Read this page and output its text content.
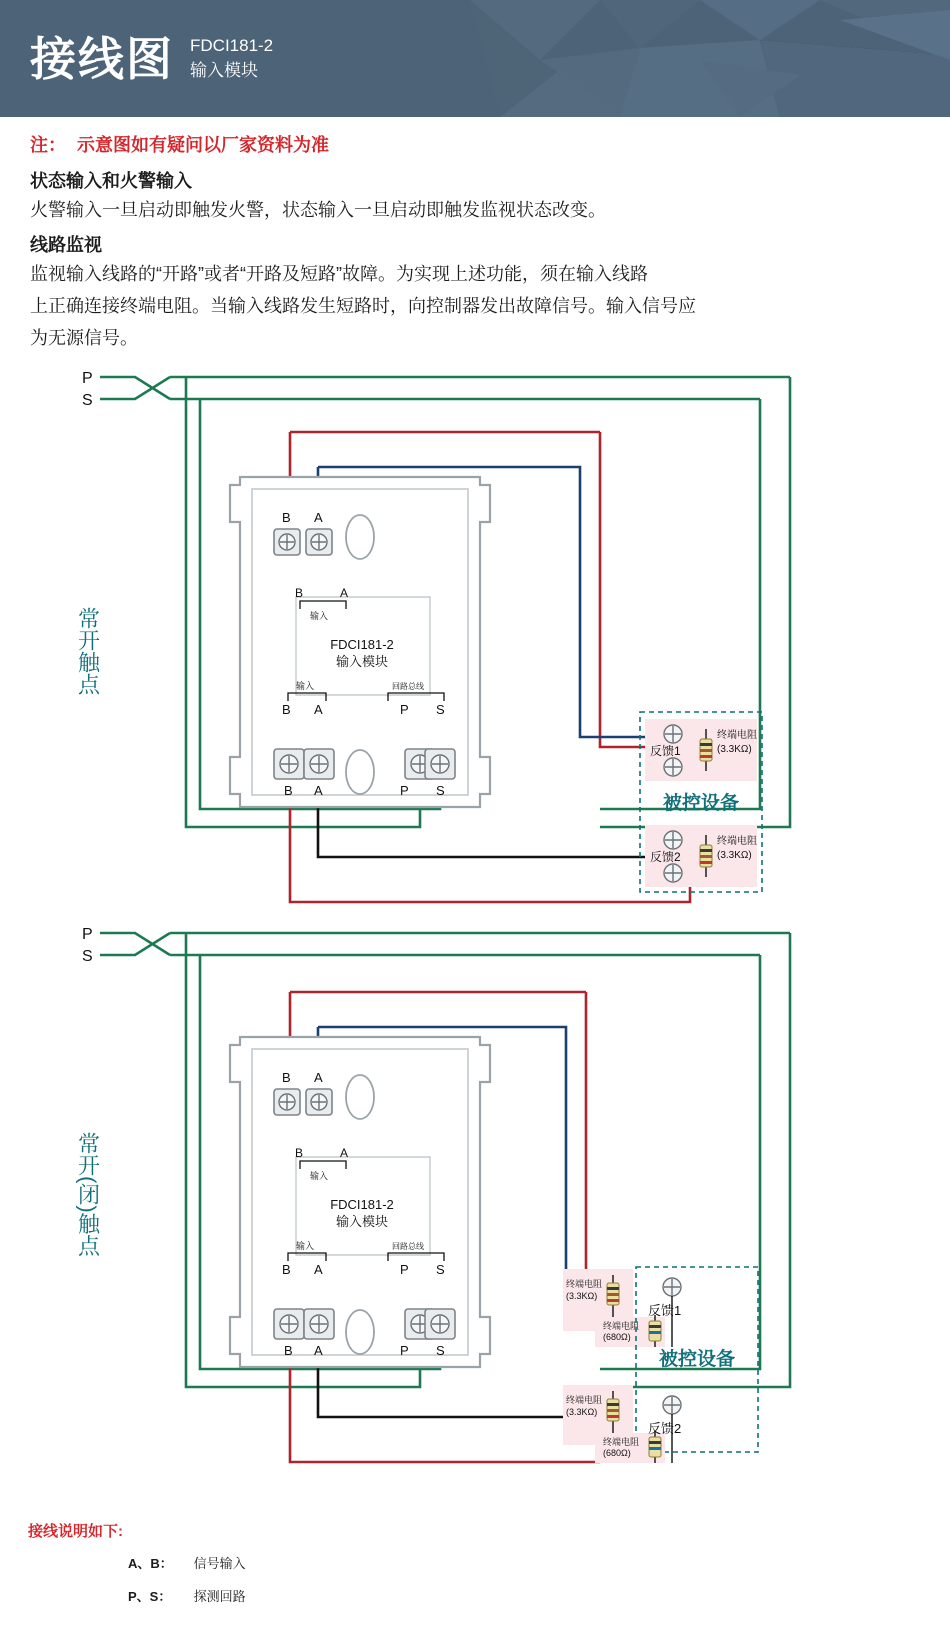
接线图 FDCI181-2
输入模块
注： 示意图如有疑问以厂家资料为准
状态输入和火警输入

火警输入一旦启动即触发火警，状态输入一旦启动即触发监视状态改变。

线路监视

监视输入线路的“开路”或者“开路及短路”故障。为实现上述功能，须在输入线路

上正确连接终端电阻。当输入线路发生短路时，向控制器发出故障信号。输入信号应

为无源信号。

P
S
常开触点
B A
B	A
输入
FDCI181-2
输入模块
输入
B A
回路总线
P S
B A	P S
反馈1
终端电阻
(3.3KΩ)
被控设备
反馈2
终端电阻
(3.3KΩ)
P
S
常开(闭)触点
B A
B	A
输入
FDCI181-2
输入模块
输入
B A
回路总线
P S
B A	P S
终端电阻
(3.3KΩ)
终端电阻
(680Ω)
反馈1
被控设备
终端电阻
(3.3KΩ)
终端电阻
(680Ω)
反馈2
接线说明如下:
A、B： 信号输入
P、S： 探测回路
